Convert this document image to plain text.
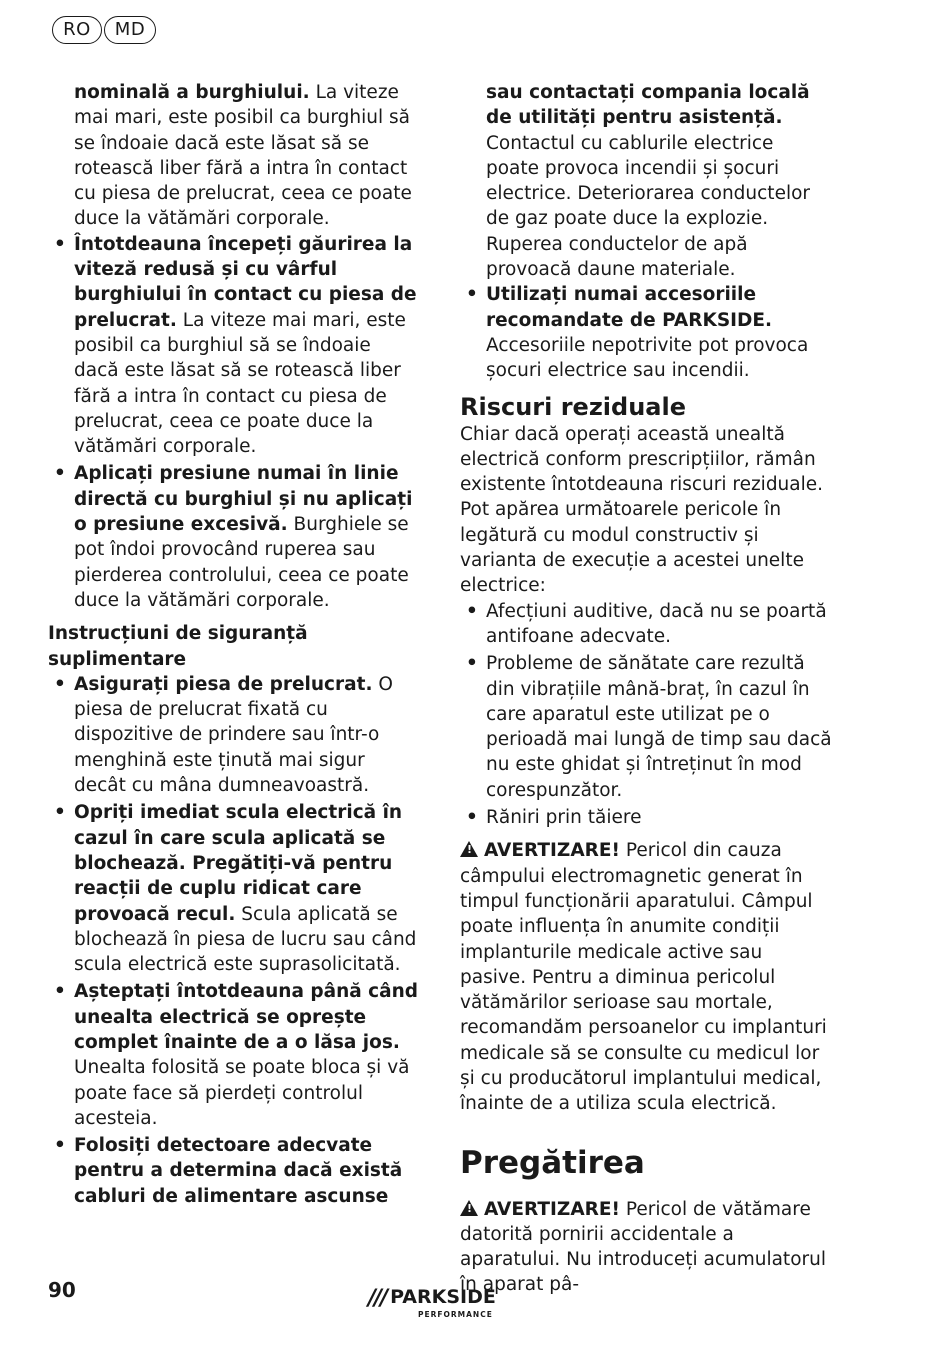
RO	MD

nominală a burghiului. La viteze mai mari, este posibil ca burghiul să se îndoaie dacă este lăsat să se rotească liber fără a intra în contact cu piesa de prelucrat, ceea ce poate duce la vătămări corporale.

• Întotdeauna începeți găurirea la viteză redusă și cu vârful burghiului în contact cu piesa de prelucrat. La viteze mai mari, este posibil ca burghiul să se îndoaie dacă este lăsat să se rotească liber fără a intra în contact cu piesa de prelucrat, ceea ce poate duce la vătămări corporale.

• Aplicați presiune numai în linie directă cu burghiul și nu aplicați o presiune excesivă. Burghiele se pot îndoi provocând ruperea sau pierderea controlului, ceea ce poate duce la vătămări corporale.

Instrucțiuni de siguranță suplimentare

• Asigurați piesa de prelucrat. O piesa de prelucrat fixată cu dispozitive de prindere sau într-o menghină este ținută mai sigur decât cu mâna dumneavoastră.

• Opriți imediat scula electrică în cazul în care scula aplicată se blochează. Pregătiți-vă pentru reacții de cuplu ridicat care provoacă recul. Scula aplicată se blochează în piesa de lucru sau când scula electrică este suprasolicitată.

• Așteptați întotdeauna până când unealta electrică se oprește complet înainte de a o lăsa jos. Unealta folosită se poate bloca și vă poate face să pierdeți controlul acesteia.

• Folosiți detectoare adecvate pentru a determina dacă există cabluri de alimentare ascunse

sau contactați compania locală de utilități pentru asistență. Contactul cu cablurile electrice poate provoca incendii și șocuri electrice. Deteriorarea conductelor de gaz poate duce la explozie. Ruperea conductelor de apă provoacă daune materiale.

• Utilizați numai accesoriile recomandate de PARKSIDE. Accesoriile nepotrivite pot provoca șocuri electrice sau incendii.

Riscuri reziduale

Chiar dacă operați această unealtă electrică conform prescripțiilor, rămân existente întotdeauna riscuri reziduale. Pot apărea următoarele pericole în legătură cu modul constructiv și varianta de execuție a acestei unelte electrice:

• Afecțiuni auditive, dacă nu se poartă antifoane adecvate.

• Probleme de sănătate care rezultă din vibrațiile mână-braț, în cazul în care aparatul este utilizat pe o perioadă mai lungă de timp sau dacă nu este ghidat și întreținut în mod corespunzător.

• Răniri prin tăiere

! AVERTIZARE! Pericol din cauza câmpului electromagnetic generat în timpul funcționării aparatului. Câmpul poate influența în anumite condiții implanturile medicale active sau pasive. Pentru a diminua pericolul vătămărilor serioase sau mortale, recomandăm persoanelor cu implanturi medicale să se consulte cu medicul lor și cu producătorul implantului medical, înainte de a utiliza scula electrică.

Pregătirea

! AVERTIZARE! Pericol de vătămare datorită pornirii accidentale a aparatului. Nu introduceți acumulatorul în aparat pâ-

90	/// PARKSIDE
PERFORMANCE
